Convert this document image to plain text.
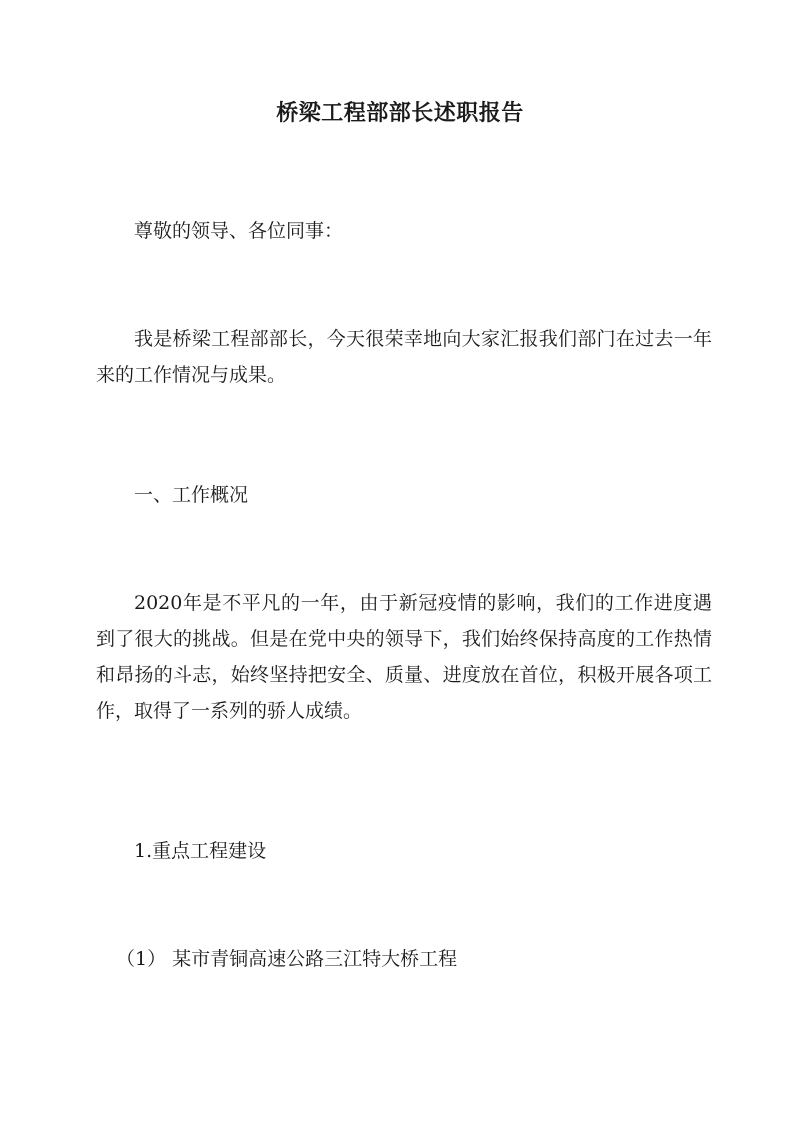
桥梁工程部部长述职报告
尊敬的领导、各位同事：
我是桥梁工程部部长，今天很荣幸地向大家汇报我们部门在过去一年来的工作情况与成果。
一、工作概况
2020年是不平凡的一年，由于新冠疫情的影响，我们的工作进度遇到了很大的挑战。但是在党中央的领导下，我们始终保持高度的工作热情和昂扬的斗志，始终坚持把安全、质量、进度放在首位，积极开展各项工作，取得了一系列的骄人成绩。
1.重点工程建设
（1） 某市青铜高速公路三江特大桥工程
